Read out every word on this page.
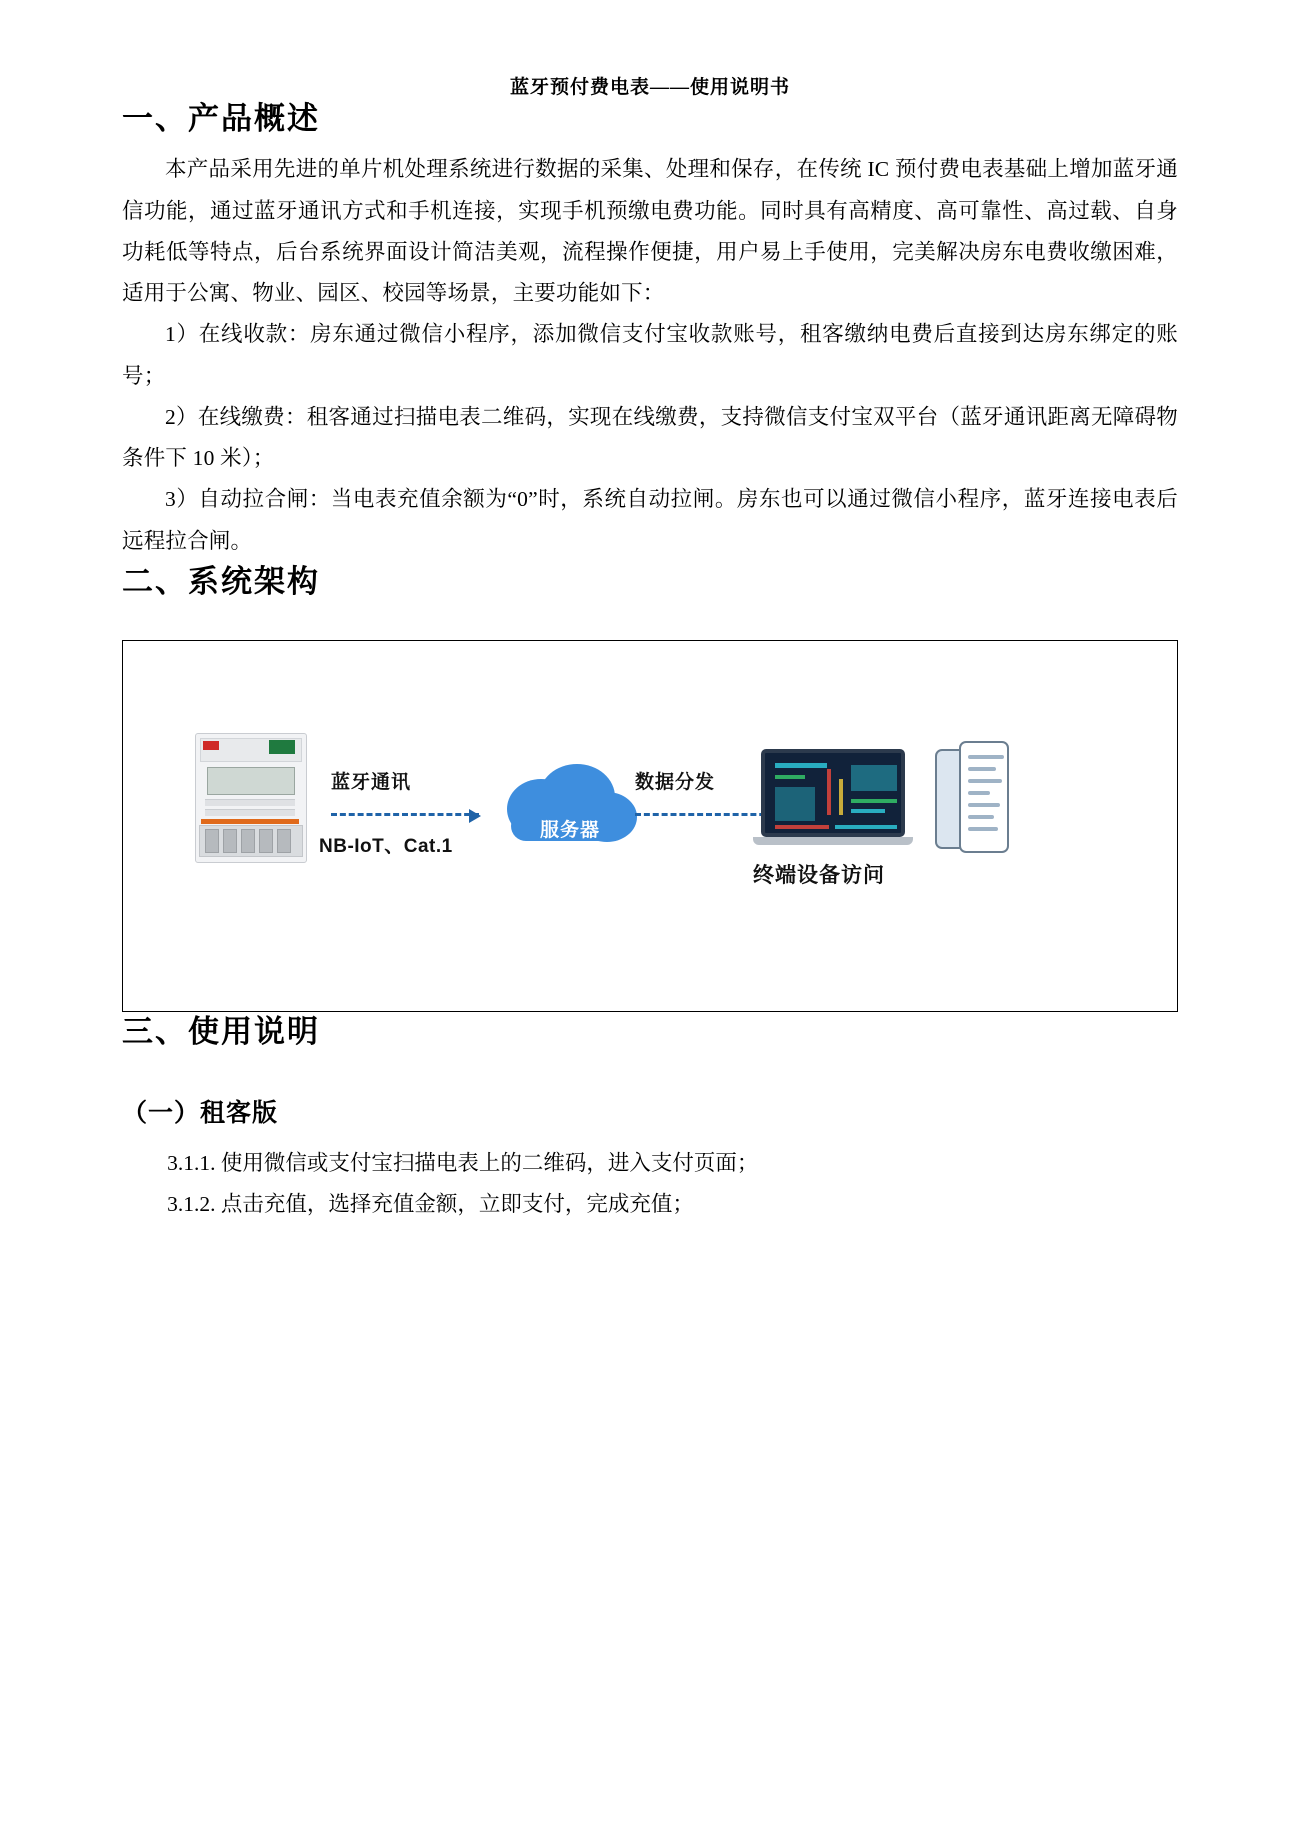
蓝牙预付费电表——使用说明书
一、产品概述

本产品采用先进的单片机处理系统进行数据的采集、处理和保存，在传统 IC 预付费电表基础上增加蓝牙通信功能，通过蓝牙通讯方式和手机连接，实现手机预缴电费功能。同时具有高精度、高可靠性、高过载、自身功耗低等特点，后台系统界面设计简洁美观，流程操作便捷，用户易上手使用，完美解决房东电费收缴困难，适用于公寓、物业、园区、校园等场景，主要功能如下：

1）在线收款：房东通过微信小程序，添加微信支付宝收款账号，租客缴纳电费后直接到达房东绑定的账号；

2）在线缴费：租客通过扫描电表二维码，实现在线缴费，支持微信支付宝双平台（蓝牙通讯距离无障碍物条件下 10 米）；

3）自动拉合闸：当电表充值余额为“0”时，系统自动拉闸。房东也可以通过微信小程序，蓝牙连接电表后远程拉合闸。

二、系统架构
蓝牙通讯
NB-IoT、Cat.1
服务器
数据分发
终端设备访问
三、使用说明
（一）租客版

3.1.1. 使用微信或支付宝扫描电表上的二维码，进入支付页面；

3.1.2. 点击充值，选择充值金额，立即支付，完成充值；
